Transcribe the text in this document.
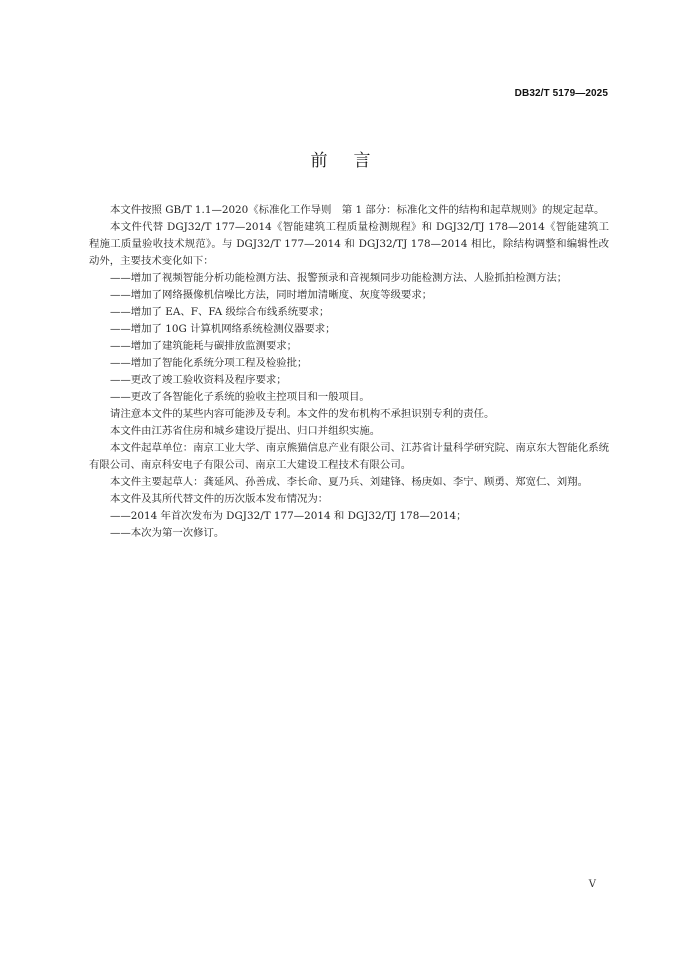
DB32/T 5179—2025
前言

本文件按照 GB/T 1.1—2020《标准化工作导则　第 1 部分：标准化文件的结构和起草规则》的规定起草。

本文件代替 DGJ32/T 177—2014《智能建筑工程质量检测规程》和 DGJ32/TJ 178—2014《智能建筑工程施工质量验收技术规范》。与 DGJ32/T 177—2014 和 DGJ32/TJ 178—2014 相比，除结构调整和编辑性改动外，主要技术变化如下：

——增加了视频智能分析功能检测方法、报警预录和音视频同步功能检测方法、人脸抓拍检测方法；

——增加了网络摄像机信噪比方法，同时增加清晰度、灰度等级要求；

——增加了 EA、F、FA 级综合布线系统要求；

——增加了 10G 计算机网络系统检测仪器要求；

——增加了建筑能耗与碳排放监测要求；

——增加了智能化系统分项工程及检验批；

——更改了竣工验收资料及程序要求；

——更改了各智能化子系统的验收主控项目和一般项目。

请注意本文件的某些内容可能涉及专利。本文件的发布机构不承担识别专利的责任。

本文件由江苏省住房和城乡建设厅提出、归口并组织实施。

本文件起草单位：南京工业大学、南京熊猫信息产业有限公司、江苏省计量科学研究院、南京东大智能化系统有限公司、南京科安电子有限公司、南京工大建设工程技术有限公司。

本文件主要起草人：龚延风、孙善成、李长命、夏乃兵、刘建锋、杨庚如、李宁、顾勇、郑宽仁、刘翔。

本文件及其所代替文件的历次版本发布情况为：

——2014 年首次发布为 DGJ32/T 177—2014 和 DGJ32/TJ 178—2014；

——本次为第一次修订。

V
